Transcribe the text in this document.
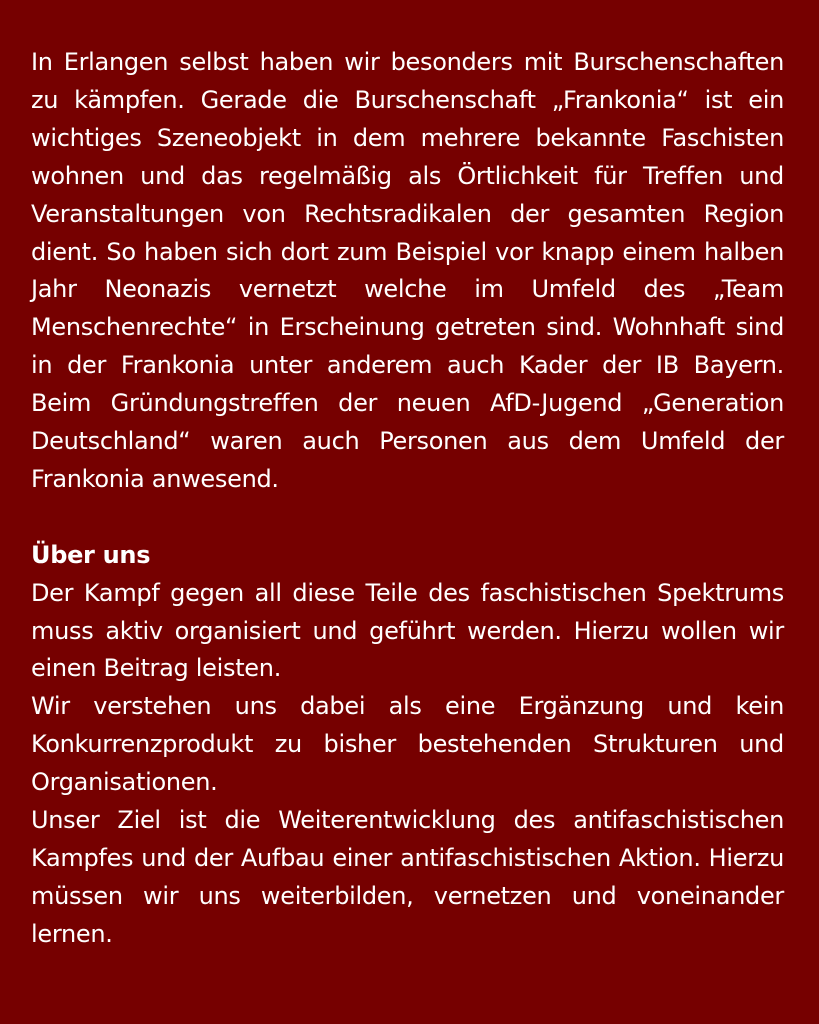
In Erlangen selbst haben wir besonders mit Burschenschaften zu kämpfen. Gerade die Burschenschaft „Frankonia“ ist ein wichtiges Szeneobjekt in dem mehrere bekannte Faschisten wohnen und das regelmäßig als Örtlichkeit für Treffen und Veranstaltungen von Rechtsradikalen der gesamten Region dient. So haben sich dort zum Beispiel vor knapp einem halben Jahr Neonazis vernetzt welche im Umfeld des „Team Menschenrechte“ in Erscheinung getreten sind. Wohnhaft sind in der Frankonia unter anderem auch Kader der IB Bayern. Beim Gründungstreffen der neuen AfD-Jugend „Generation Deutschland“ waren auch Personen aus dem Umfeld der Frankonia anwesend.

Über uns

Der Kampf gegen all diese Teile des faschistischen Spektrums muss aktiv organisiert und geführt werden. Hierzu wollen wir einen Beitrag leisten.

Wir verstehen uns dabei als eine Ergänzung und kein Konkurrenzprodukt zu bisher bestehenden Strukturen und Organisationen.

Unser Ziel ist die Weiterentwicklung des antifaschistischen Kampfes und der Aufbau einer antifaschistischen Aktion. Hierzu müssen wir uns weiterbilden, vernetzen und voneinander lernen.
